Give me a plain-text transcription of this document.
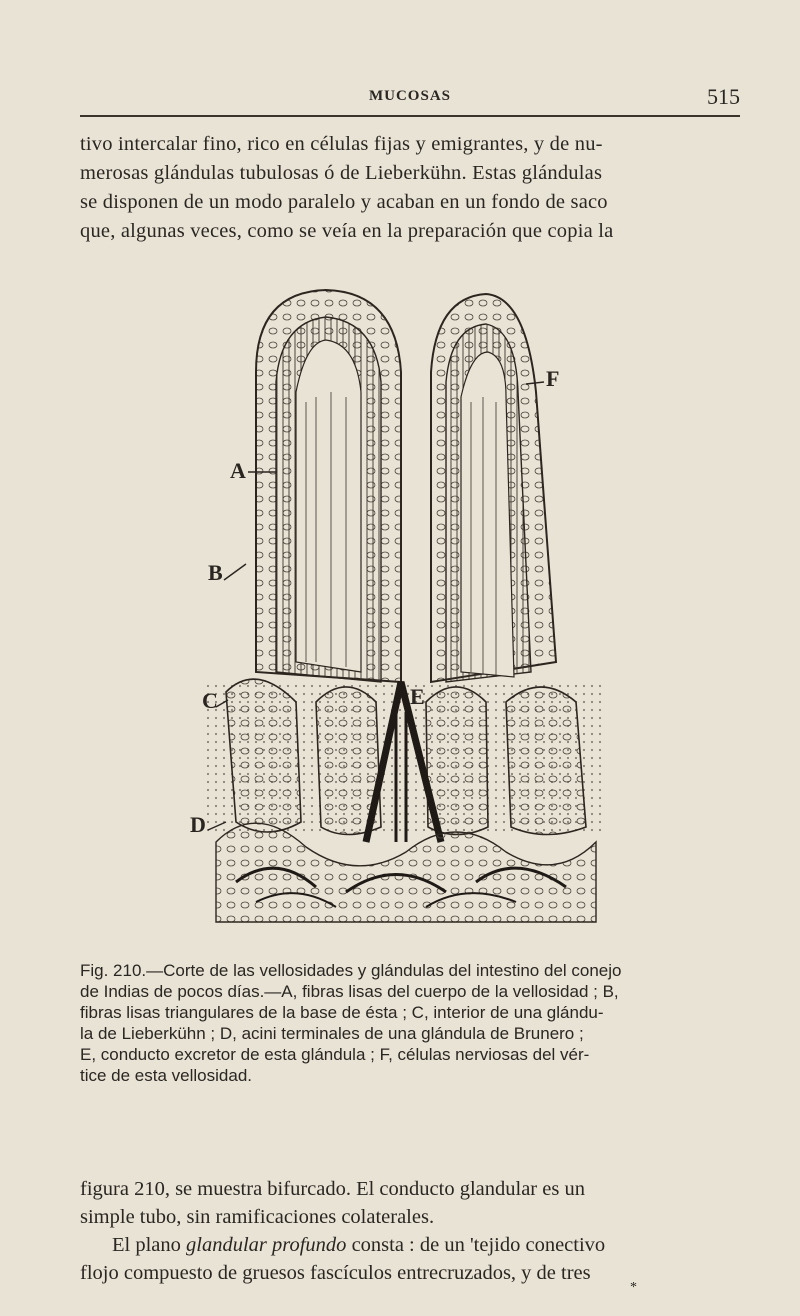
MUCOSAS	515
tivo intercalar fino, rico en células fijas y emigrantes, y de nu-
merosas glándulas tubulosas ó de Lieberkühn. Estas glándulas
se disponen de un modo paralelo y acaban en un fondo de saco
que, algunas veces, como se veía en la preparación que copia la
A
B
C
D
E
F
Fig. 210.—Corte de las vellosidades y glándulas del intestino del conejo
de Indias de pocos días.—A, fibras lisas del cuerpo de la vellosidad ; B,
fibras lisas triangulares de la base de ésta ; C, interior de una glándu-
la de Lieberkühn ; D, acini terminales de una glándula de Brunero ;
E, conducto excretor de esta glándula ; F, células nerviosas del vér-
tice de esta vellosidad.
figura 210, se muestra bifurcado. El conducto glandular es un
simple tubo, sin ramificaciones colaterales.
El plano glandular profundo consta : de un 'tejido conectivo
flojo compuesto de gruesos fascículos entrecruzados, y de tres
*
